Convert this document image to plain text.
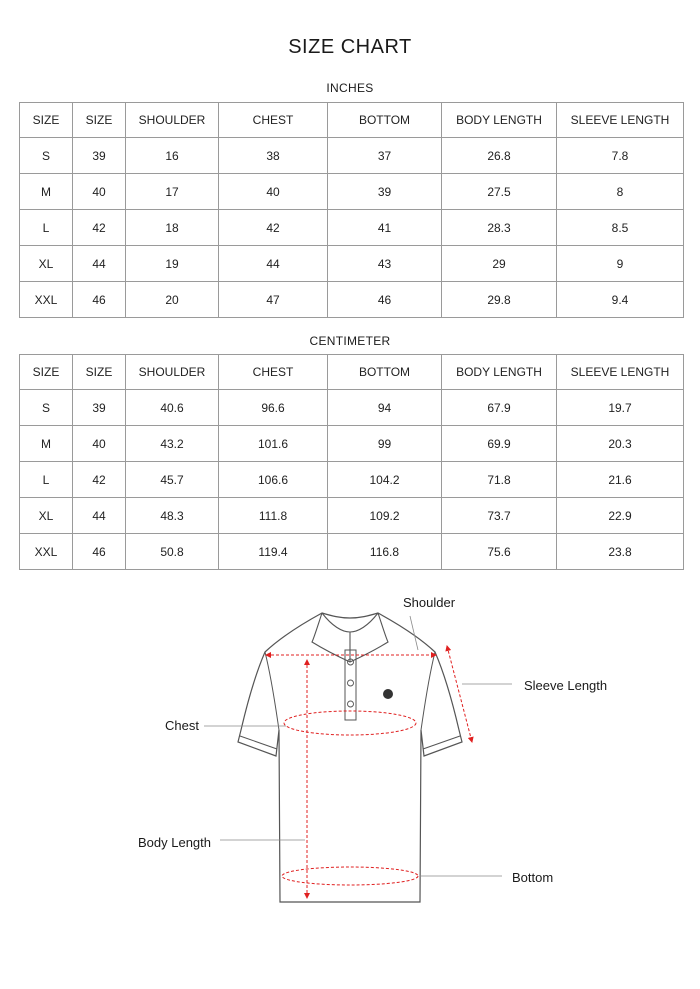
SIZE CHART
INCHES
SIZE	SIZE	SHOULDER	CHEST	BOTTOM	BODY LENGTH	SLEEVE LENGTH
S	39	16	38	37	26.8	7.8
M	40	17	40	39	27.5	8
L	42	18	42	41	28.3	8.5
XL	44	19	44	43	29	9
XXL	46	20	47	46	29.8	9.4
CENTIMETER
SIZE	SIZE	SHOULDER	CHEST	BOTTOM	BODY LENGTH	SLEEVE LENGTH
S	39	40.6	96.6	94	67.9	19.7
M	40	43.2	101.6	99	69.9	20.3
L	42	45.7	106.6	104.2	71.8	21.6
XL	44	48.3	111.8	109.2	73.7	22.9
XXL	46	50.8	119.4	116.8	75.6	23.8
Shoulder
Sleeve Length
Chest
Body Length
Bottom
